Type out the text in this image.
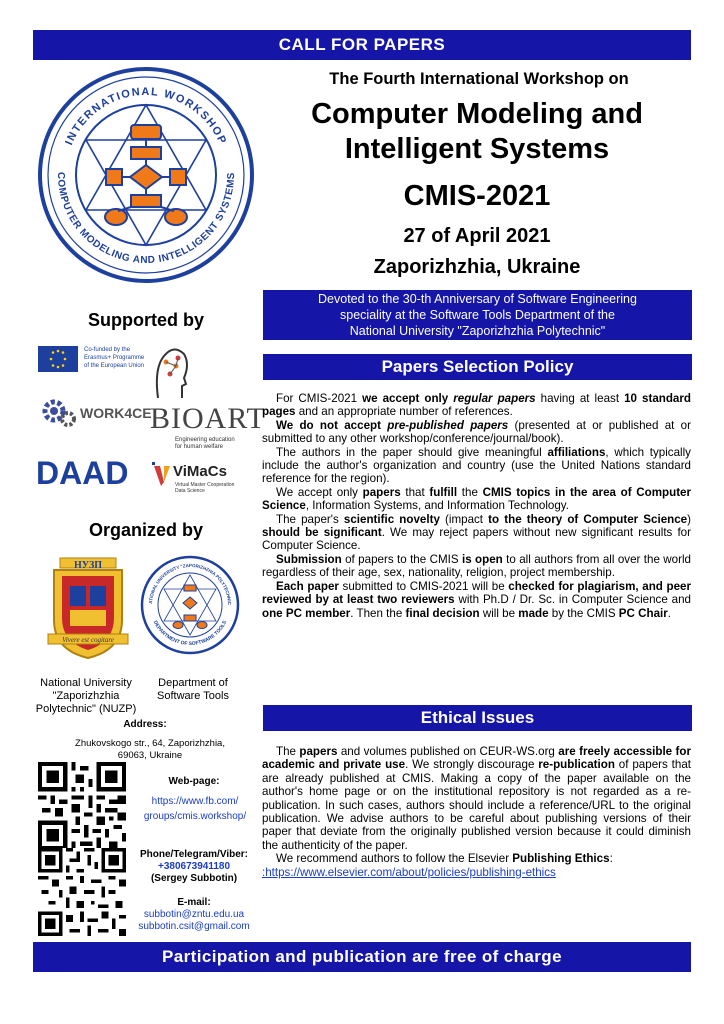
CALL FOR PAPERS
INTERNATIONAL WORKSHOP
COMPUTER MODELING AND INTELLIGENT SYSTEMS
The Fourth International Workshop on
Computer Modeling and
Intelligent Systems
CMIS-2021
27 of April 2021
Zaporizhzhia, Ukraine
Devoted to the 30-th Anniversary of Software Engineering
speciality at the Software Tools Department of the
National University "Zaporizhzhia Polytechnic"
Supported by
Co-funded by the
Erasmus+ Programme
of the European Union
BIOART
Engineering education
for human welfare
WORK4CE
DAAD	ViMaCs
Virtual Master Cooperation
Data Science
Organized by
НУЗП
Vivere est cogitare
ATIONAL UNIVERSITY "ZAPORIZHZHIA POLYTECHNIC
DEPARTMENT OF SOFTWARE TOOLS
National University
"Zaporizhzhia
Polytechnic" (NUZP)
Department of
Software Tools
Address:
Zhukovskogo str., 64, Zaporizhzhia,
69063, Ukraine
Web-page:
https://www.fb.com/
groups/cmis.workshop/
Phone/Telegram/Viber:
+380673941180
(Sergey Subbotin)
E-mail:
subbotin@zntu.edu.ua
subbotin.csit@gmail.com
Papers Selection Policy

For CMIS-2021 we accept only regular papers having at least 10 standard pages and an appropriate number of references.

We do not accept pre-published papers (presented at or published at or submitted to any other workshop/conference/journal/book).

The authors in the paper should give meaningful affiliations, which typically include the author's organization and country (use the United Nations standard reference for the region).

We accept only papers that fulfill the CMIS topics in the area of Computer Science, Information Systems, and Information Technology.

The paper's scientific novelty (impact to the theory of Computer Science) should be significant. We may reject papers without new significant results for Computer Science.

Submission of papers to the CMIS is open to all authors from all over the world regardless of their age, sex, nationality, religion, project membership.

Each paper submitted to CMIS-2021 will be checked for plagiarism, and peer reviewed by at least two reviewers with Ph.D / Dr. Sc. in Computer Science and one PC member. Then the final decision will be made by the CMIS PC Chair.

Ethical Issues

The papers and volumes published on CEUR-WS.org are freely accessible for academic and private use. We strongly discourage re-publication of papers that are already published at CMIS. Making a copy of the paper available on the author's home page or on the institutional repository is not regarded as a re-publication. In such cases, authors should include a reference/URL to the original publication. We advise authors to be careful about publishing versions of their paper that deviate from the originally published version because it could diminish the authenticity of the paper.

We recommend authors to follow the Elsevier Publishing Ethics:

:https://www.elsevier.com/about/policies/publishing-ethics
Participation and publication are free of charge
